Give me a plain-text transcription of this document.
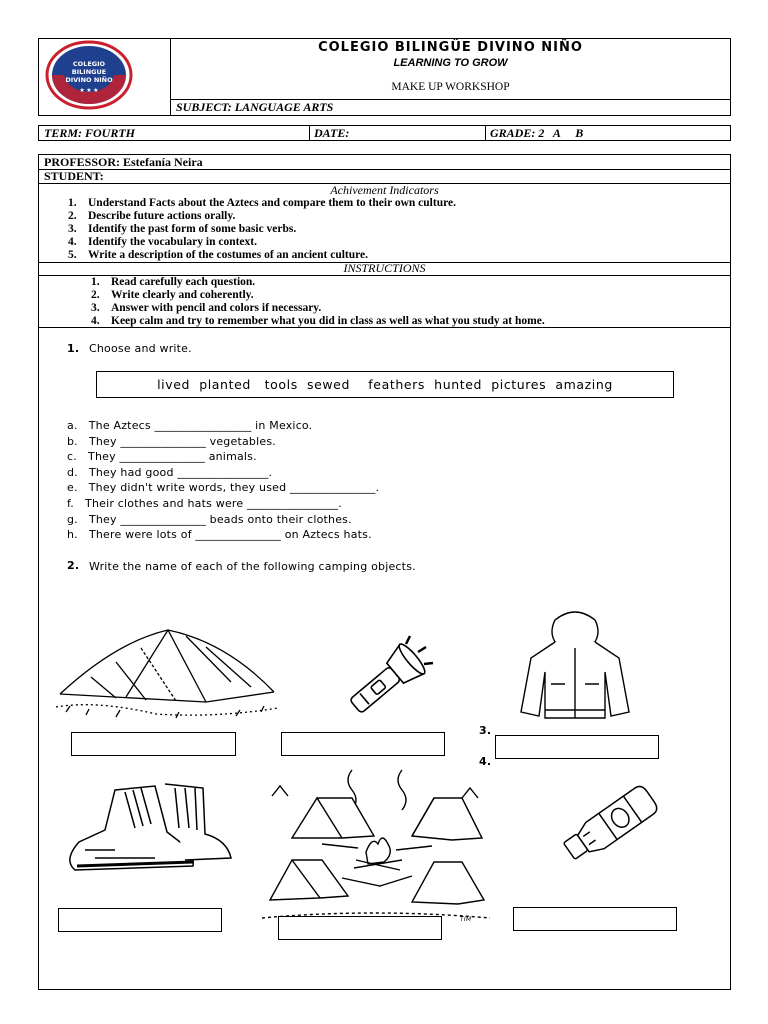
COLEGIO
BILINGUE
DIVINO NIÑO
★ ★ ★
COLEGIO BILINGÜE DIVINO NIÑO
LEARNING TO GROW
MAKE UP WORKSHOP
SUBJECT: LANGUAGE ARTS
TERM: FOURTH	DATE:	GRADE: 2   A     B
PROFESSOR: Estefanía Neira
STUDENT:
Achivement Indicators
1. Understand Facts about the Aztecs and compare them to their own culture.
2. Describe future actions orally.
3. Identify the past form of some basic verbs.
4. Identify the vocabulary in context.
5. Write a description of the costumes of an ancient culture.
INSTRUCTIONS
1. Read carefully each question.
2. Write clearly and coherently.
3. Answer with pencil and colors if necessary.
4. Keep calm and try to remember what you did in class as well as what you study at home.
1. Choose and write.
lived  planted   tools  sewed    feathers  hunted  pictures  amazing
a.   The Aztecs _________________ in Mexico.
b.   They _______________ vegetables.
c.   They _______________ animals.
d.   They had good ________________.
e.   They didn't write words, they used _______________.
f.   Their clothes and hats were ________________.
g.   They _______________ beads onto their clothes.
h.   There were lots of _______________ on Aztecs hats.
2. Write the name of each of the following camping objects.
3.
4.
TIM
